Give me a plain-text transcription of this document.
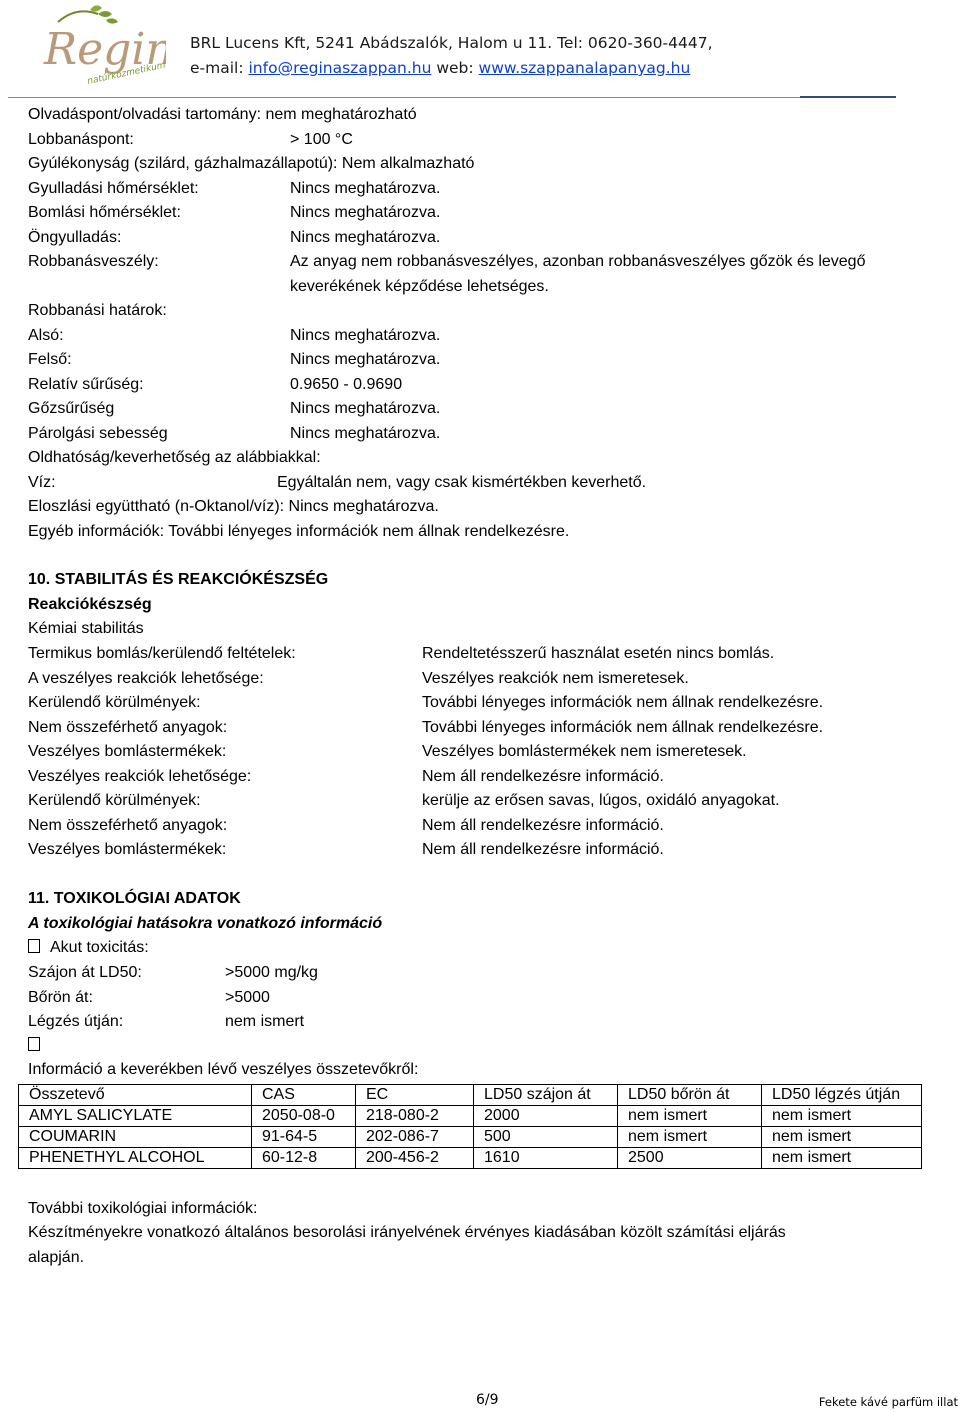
Regi
natúrkozmetikum
BRL Lucens Kft, 5241 Abádszalók, Halom u 11. Tel: 0620-360-4447,
e-mail: info@reginaszappan.hu web: www.szappanalapanyag.hu
Olvadáspont/olvadási tartomány: nem meghatározható
Lobbanáspont:	> 100 °C
Gyúlékonyság (szilárd, gázhalmazállapotú): Nem alkalmazható
Gyulladási hőmérséklet:	Nincs meghatározva.
Bomlási hőmérséklet:	Nincs meghatározva.
Öngyulladás:	Nincs meghatározva.
Robbanásveszély:	Az anyag nem robbanásveszélyes, azonban robbanásveszélyes gőzök és levegő
keverékének képződése lehetséges.
Robbanási határok:
Alsó:	Nincs meghatározva.
Felső:	Nincs meghatározva.
Relatív sűrűség:	0.9650 - 0.9690
Gőzsűrűség	Nincs meghatározva.
Párolgási sebesség	Nincs meghatározva.
Oldhatóság/keverhetőség az alábbiakkal:
Víz:	Egyáltalán nem, vagy csak kismértékben keverhető.
Eloszlási együttható (n-Oktanol/víz): Nincs meghatározva.
Egyéb információk: További lényeges információk nem állnak rendelkezésre.
10. STABILITÁS ÉS REAKCIÓKÉSZSÉG
Reakciókészség
Kémiai stabilitás
Termikus bomlás/kerülendő feltételek:	Rendeltetésszerű használat esetén nincs bomlás.
A veszélyes reakciók lehetősége:	Veszélyes reakciók nem ismeretesek.
Kerülendő körülmények:	További lényeges információk nem állnak rendelkezésre.
Nem összeférhető anyagok:	További lényeges információk nem állnak rendelkezésre.
Veszélyes bomlástermékek:	Veszélyes bomlástermékek nem ismeretesek.
Veszélyes reakciók lehetősége:	Nem áll rendelkezésre információ.
Kerülendő körülmények:	kerülje az erősen savas, lúgos, oxidáló anyagokat.
Nem összeférhető anyagok:	Nem áll rendelkezésre információ.
Veszélyes bomlástermékek:	Nem áll rendelkezésre információ.
11. TOXIKOLÓGIAI ADATOK
A toxikológiai hatásokra vonatkozó információ
Akut toxicitás:
Szájon át LD50:	>5000 mg/kg
Bőrön át:	>5000
Légzés útján:	nem ismert
Információ a keverékben lévő veszélyes összetevőkről:
Összetevő	CAS	EC	LD50 szájon át	LD50 bőrön át	LD50 légzés útján
AMYL SALICYLATE	2050-08-0	218-080-2	2000	nem ismert	nem ismert
COUMARIN	91-64-5	202-086-7	500	nem ismert	nem ismert
PHENETHYL ALCOHOL	60-12-8	200-456-2	1610	2500	nem ismert
További toxikológiai információk:
Készítményekre vonatkozó általános besorolási irányelvének érvényes kiadásában közölt számítási eljárás
alapján.
6/9	Fekete kávé parfüm illat
